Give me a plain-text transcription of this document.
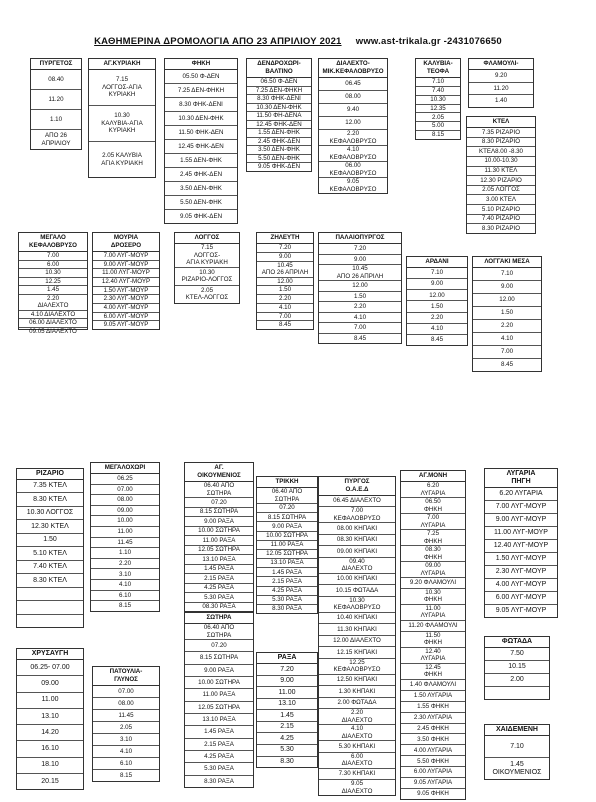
ΚΑΘΗΜΕΡΙΝΑ ΔΡΟΜΟΛΟΓΙΑ ΑΠΟ 23 ΑΠΡΙΛΙΟΥ 2021 www.ast-trikala.gr -2431076650
ΠΥΡΓΕΤΟΣ
08.40
11.20
1.10
ΑΠΟ 26
ΑΠΡΙΛΙΟΥ
ΑΓ.ΚΥΡΙΑΚΗ
7.15
ΛΟΓΓΟΣ-ΑΓΙΑ
ΚΥΡΙΑΚΗ
10.30
ΚΑΛΥΒΙΑ-ΑΓΙΑ
ΚΥΡΙΑΚΗ
2.05 ΚΑΛΥΒΙΑ
ΑΓΙΑ ΚΥΡΙΑΚΗ
ΦΗΚΗ
05.50 Φ-ΔΕΝ
7.25 ΔΕΝ-ΦΗΚΗ
8.30 ΦΗΚ-ΔΕΝΙ
10.30 ΔΕΝ-ΦΗΚ
11.50 ΦΗΚ-ΔΕΝ
12.45 ΦΗΚ-ΔΕΝ
1.55 ΔΕΝ-ΦΗΚ
2.45 ΦΗΚ-ΔΕΝ
3.50 ΔΕΝ-ΦΗΚ
5.50 ΔΕΝ-ΦΗΚ
9.05 ΦΗΚ-ΔΕΝ
ΔΕΝΔΡΟΧΩΡΙ-
ΒΑΛΤΙΝΟ
06.50 Φ-ΔΕΝ
7.25 ΔΕΝ-ΦΗΚΗ
8.30 ΦΗΚ-ΔΕΝΙ
10.30 ΔΕΝ-ΦΗΚ
11.50 ΦΗ-ΔΕΝΑ
12.45 ΦΗΚ-ΔΕΝ
1.55 ΔΕΝ-ΦΗΚ
2.45 ΦΗΚ-ΔΕΝ
3.50 ΔΕΝ-ΦΗΚ
5.50 ΔΕΝ-ΦΗΚ
9.05 ΦΗΚ-ΔΕΝ
ΔΙΑΛΕΧΤΟ-
ΜΙΚ.ΚΕΦΑΛΟΒΡΥΣΟ
06.45
08.00
9.40
12.00
2.20
ΚΕΦΑΛΟΒΡΥΣΟ
4.10
ΚΕΦΑΛΟΒΡΥΣΟ
06.00
ΚΕΦΑΛΟΒΡΥΣΟ
9.05
ΚΕΦΑΛΟΒΡΥΣΟ
ΚΑΛΥΒΙΑ-
ΤΕΟΦΑ
7.10
7.40
10.30
12.35
2.05
5.00
8.15
ΦΛΑΜΟΥΛΙ-
9.20
11.20
1.40
ΚΤΕΛ
7.35 ΡΙΖΑΡΙΟ
8.30 ΡΙΖΑΡΙΟ
ΚΤΕΛ8.00 -8.30
10.00-10.30
11.30 ΚΤΕΛ
12.30 ΡΙΖΑΡΙΟ
2.05 ΛΟΓΓΟΣ
3.00 ΚΤΕΛ
5.10 ΡΙΖΑΡΙΟ
7.40 ΡΙΖΑΡΙΟ
8.30 ΡΙΖΑΡΙΟ
ΜΕΓΑΛΟ
ΚΕΦΑΛΟΒΡΥΣΟ
7.00
6.00
10.30
12.25
1.45
2.20
ΔΙΑΛΕΧΤΟ
4.10 ΔΙΑΛΕΧΤΟ
06.00 ΔΙΑΛΕΧΤΟ
09.05 ΔΙΑΛΕΧΤΟ
ΜΟΥΡΙΑ
ΔΡΟΣΕΡΟ
7.00 ΛΥΓ-ΜΟΥΡ
9.00 ΛΥΓ-ΜΟΥΡ
11.00 ΛΥΓ-ΜΟΥΡ
12.40 ΛΥΓ-ΜΟΥΡ
1.50 ΛΥΓ-ΜΟΥΡ
2.30 ΛΥΓ-ΜΟΥΡ
4.00 ΛΥΓ-ΜΟΥΡ
6.00 ΛΥΓ-ΜΟΥΡ
9.05 ΛΥΓ-ΜΟΥΡ
ΛΟΓΓΟΣ
7.15
ΛΟΓΓΟΣ-
ΑΓΙΑ ΚΥΡΙΑΚΗ
10.30
ΡΙΖΑΡΙΟ-ΛΟΓΓΟΣ
2.05
ΚΤΕΛ-ΛΟΓΓΟΣ
ΖΗΛΕΥΤΗ
7.20
9.00
10.45
ΑΠΟ 26 ΑΠΡΙΛΗ
12.00
1.50
2.20
4.10
7.00
8.45
ΠΑΛΑΙΟΠΥΡΓΟΣ
7.20
9.00
10.45
ΑΠΟ 26 ΑΠΡΙΛΗ
12.00
1.50
2.20
4.10
7.00
8.45
ΑΡΔΑΝΙ
7.10
9.00
12.00
1.50
2.20
4.10
8.45
ΛΟΓΓΑΚΙ ΜΕΣΑ
7.10
9.00
12.00
1.50
2.20
4.10
7.00
8.45
ΡΙΖΑΡΙΟ
7.35 ΚΤΕΛ
8.30 ΚΤΕΛ
10.30 ΛΟΓΓΟΣ
12.30 ΚΤΕΛ
1.50
5.10 ΚΤΕΛ
7.40 ΚΤΕΛ
8.30 ΚΤΕΛ
ΜΕΓΑΛΟΧΩΡΙ
06.25
07.00
08.00
09.00
10.00
11.00
11.45
1.10
2.20
3.10
4.10
6.10
8.15
ΑΓ.
ΟΙΚΟΥΜΕΝΙΟΣ
06.40 ΑΠΟ
ΣΩΤΗΡΑ
07.20
8.15 ΣΩΤΗΡΑ
9.00 ΡΑΞΑ
10.00 ΣΩΤΗΡΑ
11.00 ΡΑΞΑ
12.05 ΣΩΤΗΡΑ
13.10 ΡΑΞΑ
1.45 ΡΑΞΑ
2.15 ΡΑΞΑ
4.25 ΡΑΞΑ
5.30 ΡΑΞΑ
08.30 ΡΑΞΑ
ΤΡΙΚΚΗ
06.40 ΑΠΟ
ΣΩΤΗΡΑ
07.20
8.15 ΣΩΤΗΡΑ
9.00 ΡΑΞΑ
10.00 ΣΩΤΗΡΑ
11.00 ΡΑΞΑ
12.05 ΣΩΤΗΡΑ
13.10 ΡΑΞΑ
1.45 ΡΑΞΑ
2.15 ΡΑΞΑ
4.25 ΡΑΞΑ
5.30 ΡΑΞΑ
8.30 ΡΑΞΑ
ΠΥΡΓΟΣ
Ο.Α.Ε.Δ
06.45 ΔΙΑΛΕΧΤΟ
7.00
ΚΕΦΑΛΟΒΡΥΣΟ
08.00 ΚΗΠΑΚΙ
08.30 ΚΗΠΑΚΙ
09.00 ΚΗΠΑΚΙ
09.40
ΔΙΑΛΕΧΤΟ
10.00 ΚΗΠΑΚΙ
10.15 ΦΩΤΑΔΑ
10.30
ΚΕΦΑΛΟΒΡΥΣΟ
10.40 ΚΗΠΑΚΙ
11.30 ΚΗΠΑΚΙ
12.00 ΔΙΑΛΕΧΤΟ
12.15 ΚΗΠΑΚΙ
12.25
ΚΕΦΑΛΟΒΡΥΣΟ
12.50 ΚΗΠΑΚΙ
1.30 ΚΗΠΑΚΙ
2.00 ΦΩΤΑΔΑ
2.20
ΔΙΑΛΕΧΤΟ
4.10
ΔΙΑΛΕΧΤΟ
5.30 ΚΗΠΑΚΙ
6.00
ΔΙΑΛΕΧΤΟ
7.30 ΚΗΠΑΚΙ
9.05
ΔΙΑΛΕΧΤΟ
ΑΓ.ΜΟΝΗ
6.20
ΛΥΓΑΡΙΑ
06.50
ΦΗΚΗ
7.00
ΛΥΓΑΡΙΑ
7.25
ΦΗΚΗ
08.30
ΦΗΚΗ
09.00
ΛΥΓΑΡΙΑ
9.20 ΦΛΑΜΟΥΛΙ
10.30
ΦΗΚΗ
11.00
ΛΥΓΑΡΙΑ
11.20 ΦΛΑΜΟΥΛΙ
11.50
ΦΗΚΗ
12.40
ΛΥΓΑΡΙΑ
12.45
ΦΗΚΗ
1.40 ΦΛΑΜΟΥΛΙ
1.50 ΛΥΓΑΡΙΑ
1.55 ΦΗΚΗ
2.30 ΛΥΓΑΡΙΑ
2.45 ΦΗΚΗ
3.50 ΦΗΚΗ
4.00 ΛΥΓΑΡΙΑ
5.50 ΦΗΚΗ
6.00 ΛΥΓΑΡΙΑ
9.05 ΛΥΓΑΡΙΑ
9.05 ΦΗΚΗ
ΛΥΓΑΡΙΑ
ΠΗΓΗ
6.20 ΛΥΓΑΡΙΑ
7.00 ΛΥΓ-ΜΟΥΡ
9.00 ΛΥΓ-ΜΟΥΡ
11.00 ΛΥΓ-ΜΟΥΡ
12.40 ΛΥΓ-ΜΟΥΡ
1.50 ΛΥΓ-ΜΟΥΡ
2.30 ΛΥΓ-ΜΟΥΡ
4.00 ΛΥΓ-ΜΟΥΡ
6.00 ΛΥΓ-ΜΟΥΡ
9.05 ΛΥΓ-ΜΟΥΡ
ΦΩΤΑΔΑ
7.50
10.15
2.00
ΧΑΙΔΕΜΕΝΗ
7.10
1.45
ΟΙΚΟΥΜΕΝΙΟΣ
ΡΑΞΑ
7.20
9.00
11.00
13.10
1.45
2.15
4.25
5.30
8.30
ΧΡΥΣΑΥΓΗ
06.25- 07.00
09.00
11.00
13.10
14.20
16.10
18.10
20.15
ΠΑΤΟΥΛΙΑ-
ΓΛΥΝΟΣ
07.00
08.00
11.45
2.05
3.10
4.10
6.10
8.15
ΣΩΤΗΡΑ
06.40 ΑΠΟ
ΣΩΤΗΡΑ
07.20
8.15 ΣΩΤΗΡΑ
9.00 ΡΑΞΑ
10.00 ΣΩΤΗΡΑ
11.00 ΡΑΞΑ
12.05 ΣΩΤΗΡΑ
13.10 ΡΑΞΑ
1.45 ΡΑΞΑ
2.15 ΡΑΞΑ
4.25 ΡΑΞΑ
5.30 ΡΑΞΑ
8.30 ΡΑΞΑ
